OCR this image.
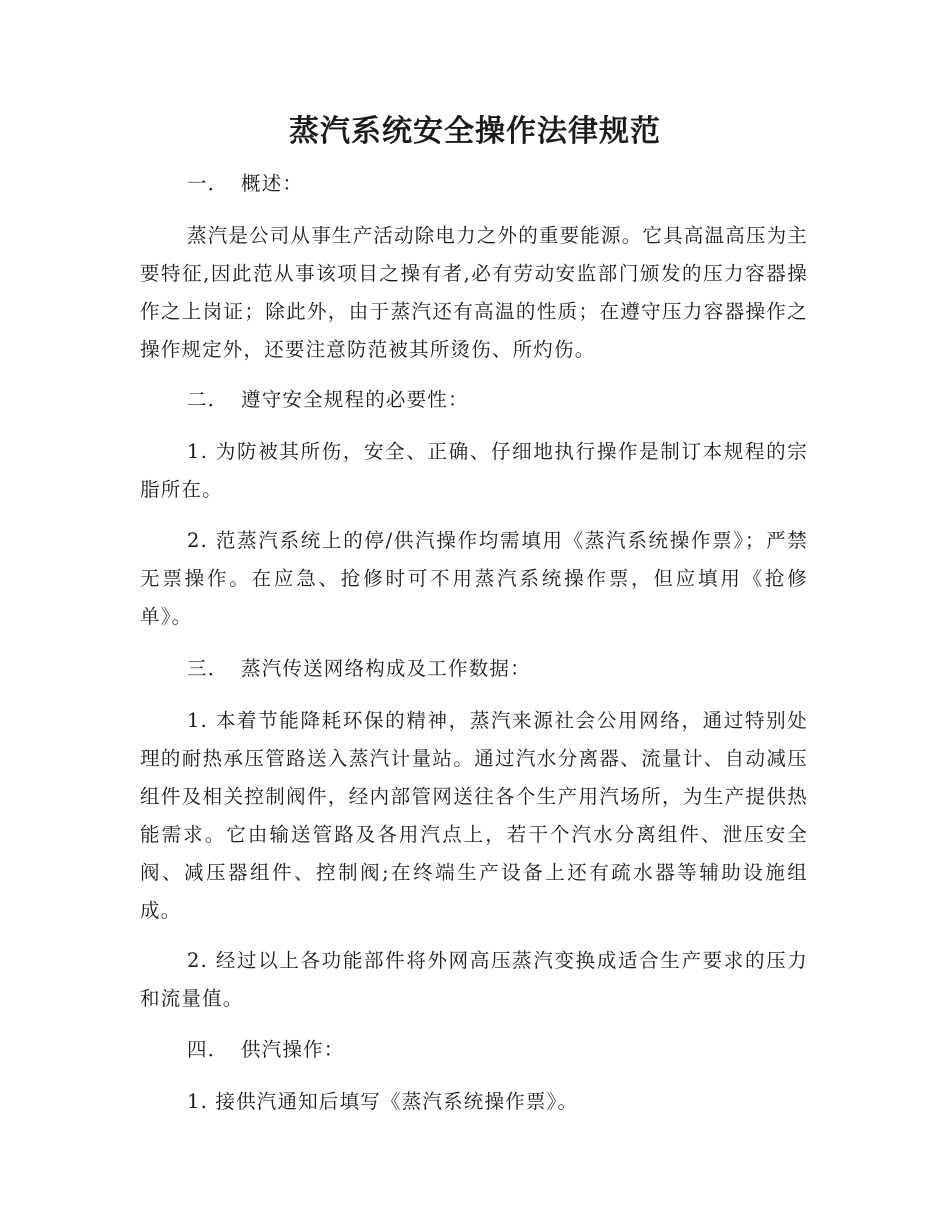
蒸汽系统安全操作法律规范
一． 概述：

蒸汽是公司从事生产活动除电力之外的重要能源。它具高温高压为主要特征,因此范从事该项目之操有者,必有劳动安监部门颁发的压力容器操作之上岗证；除此外，由于蒸汽还有高温的性质；在遵守压力容器操作之操作规定外，还要注意防范被其所烫伤、所灼伤。

二． 遵守安全规程的必要性：

1. 为防被其所伤，安全、正确、仔细地执行操作是制订本规程的宗脂所在。

2. 范蒸汽系统上的停/供汽操作均需填用《蒸汽系统操作票》；严禁无票操作。在应急、抢修时可不用蒸汽系统操作票，但应填用《抢修单》。

三． 蒸汽传送网络构成及工作数据：

1. 本着节能降耗环保的精神，蒸汽来源社会公用网络，通过特别处理的耐热承压管路送入蒸汽计量站。通过汽水分离器、流量计、自动减压组件及相关控制阀件，经内部管网送往各个生产用汽场所，为生产提供热能需求。它由输送管路及各用汽点上，若干个汽水分离组件、泄压安全阀、减压器组件、控制阀;在终端生产设备上还有疏水器等辅助设施组成。

2. 经过以上各功能部件将外网高压蒸汽变换成适合生产要求的压力和流量值。

四． 供汽操作：

1. 接供汽通知后填写《蒸汽系统操作票》。
